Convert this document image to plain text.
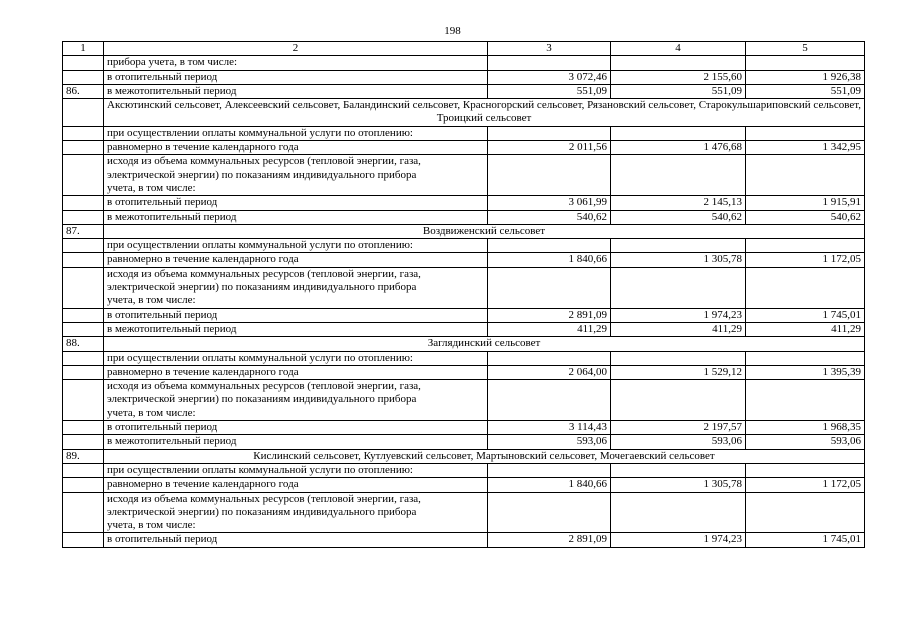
198
1	2	3	4	5

	прибора учета, в том числе:			

	в отопительный период	3 072,46	2 155,60	1 926,38
86.	в межотопительный период	551,09	551,09	551,09
	Аксютинский сельсовет, Алексеевский сельсовет, Баландинский сельсовет, Красногорский сельсовет, Рязановский сельсовет, Старокульшариповский сельсовет, Троицкий сельсовет			

	при осуществлении оплаты коммунальной услуги по отоплению:			

	равномерно в течение календарного года	2 011,56	1 476,68	1 342,95

	исходя из объема коммунальных ресурсов (тепловой энергии, газа, электрической энергии) по показаниям индивидуального прибора учета, в том числе:			

	в отопительный период	3 061,99	2 145,13	1 915,91

	в межотопительный период	540,62	540,62	540,62
87.	Воздвиженский сельсовет			

	при осуществлении оплаты коммунальной услуги по отоплению:			

	равномерно в течение календарного года	1 840,66	1 305,78	1 172,05

	исходя из объема коммунальных ресурсов (тепловой энергии, газа, электрической энергии) по показаниям индивидуального прибора учета, в том числе:			

	в отопительный период	2 891,09	1 974,23	1 745,01

	в межотопительный период	411,29	411,29	411,29
88.	Заглядинский сельсовет			

	при осуществлении оплаты коммунальной услуги по отоплению:			

	равномерно в течение календарного года	2 064,00	1 529,12	1 395,39

	исходя из объема коммунальных ресурсов (тепловой энергии, газа, электрической энергии) по показаниям индивидуального прибора учета, в том числе:			

	в отопительный период	3 114,43	2 197,57	1 968,35

	в межотопительный период	593,06	593,06	593,06
89.	Кислинский сельсовет, Кутлуевский сельсовет, Мартыновский сельсовет, Мочегаевский сельсовет			

	при осуществлении оплаты коммунальной услуги по отоплению:			

	равномерно в течение календарного года	1 840,66	1 305,78	1 172,05

	исходя из объема коммунальных ресурсов (тепловой энергии, газа, электрической энергии) по показаниям индивидуального прибора учета, в том числе:			

	в отопительный период	2 891,09	1 974,23	1 745,01
